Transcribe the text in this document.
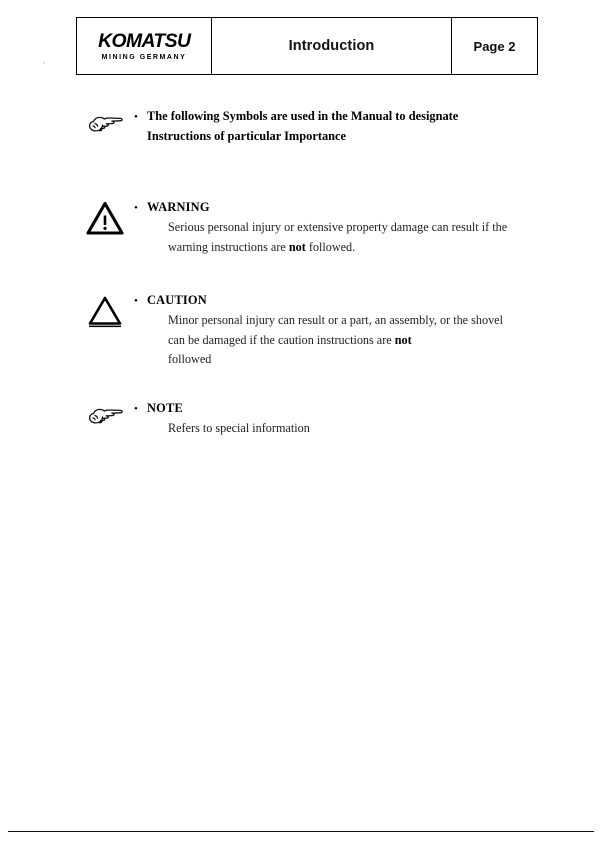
KOMATSU
MINING GERMANY
Introduction	Page 2
• The following Symbols are used in the Manual to designate
Instructions of particular Importance
• WARNING
Serious personal injury or extensive property damage can result if the
warning instructions are not followed.
• CAUTION
Minor personal injury can result or a part, an assembly, or the shovel
can be damaged if the caution instructions are not
followed
• NOTE
Refers to special information
